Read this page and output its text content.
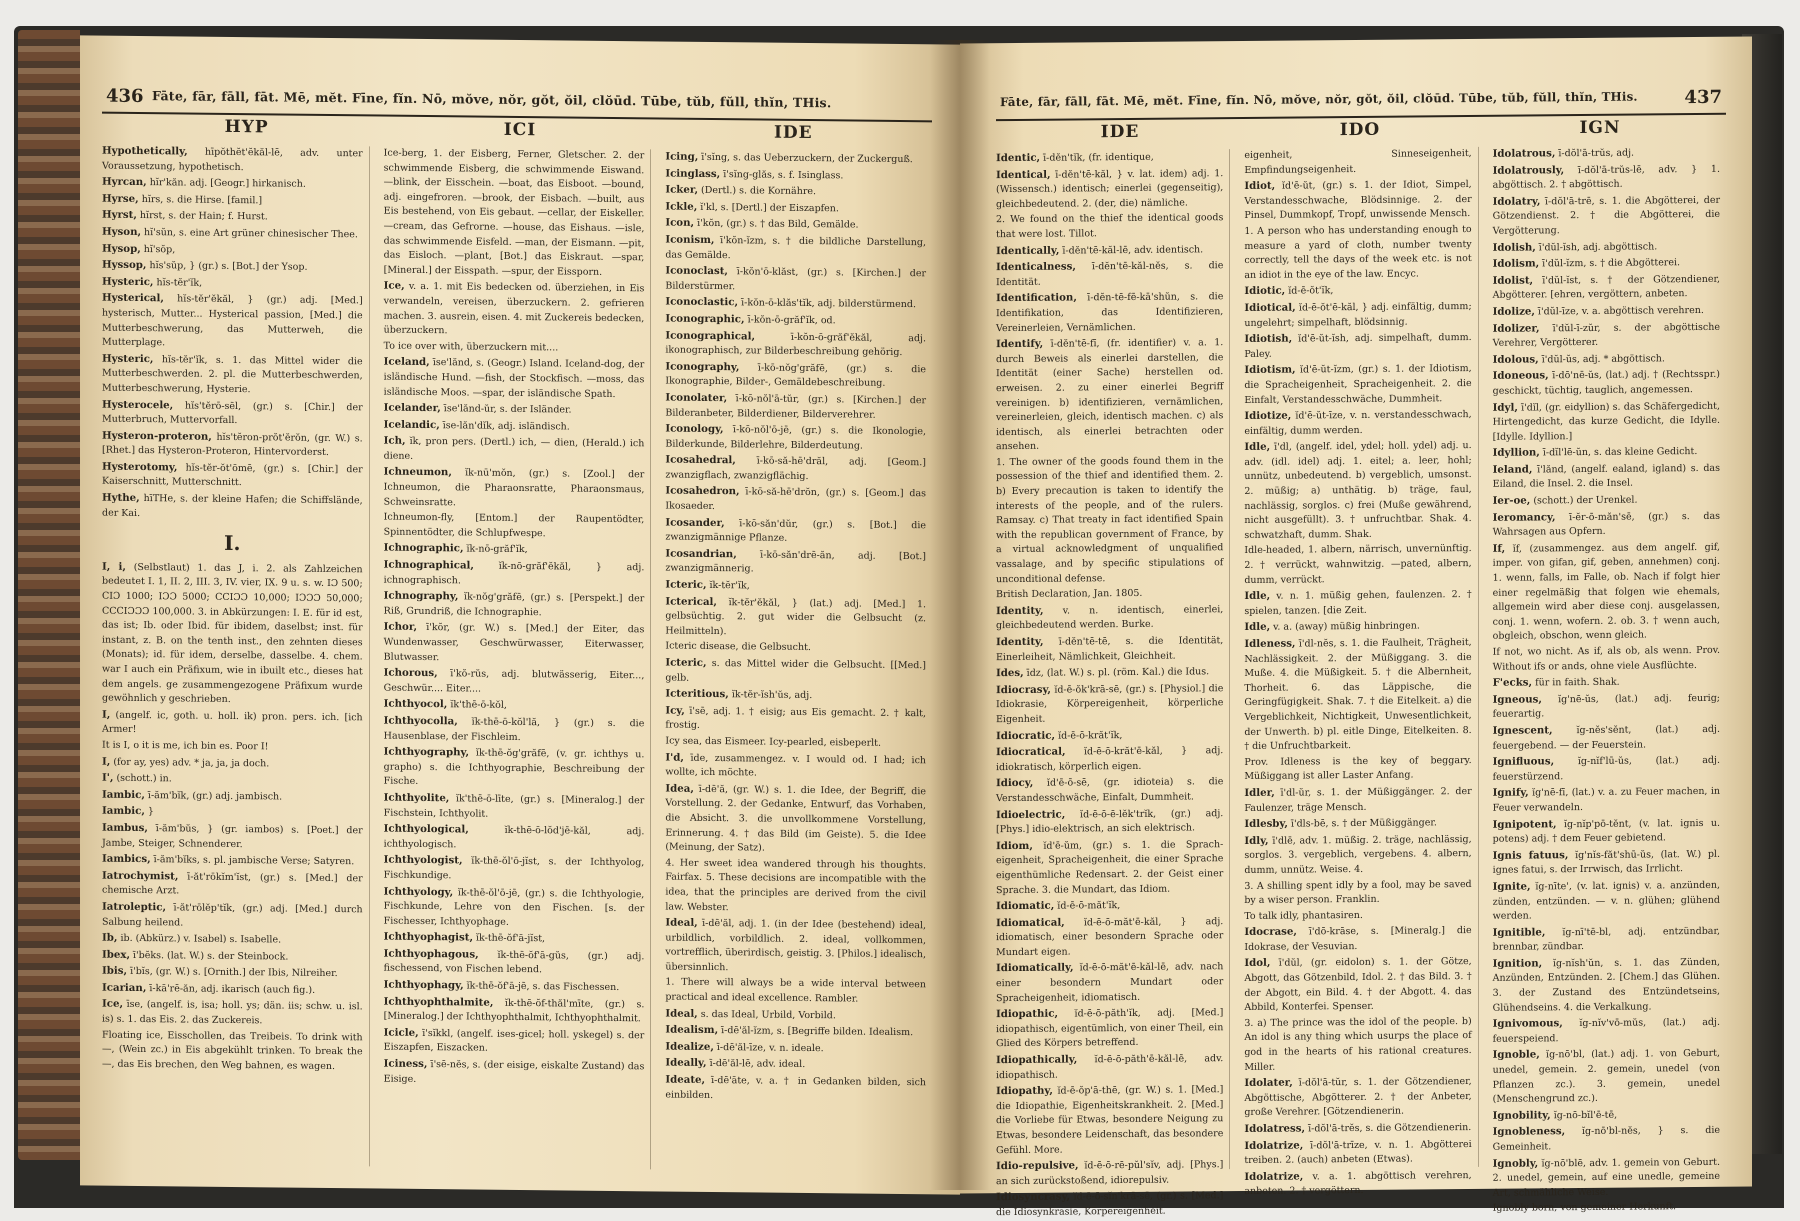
436 Fāte, fār, fāll, fāt. Mē, mĕt. Fīne, fĭn. Nō, mŏve, nŏr, gŏt, ŏil, clŏūd. Tūbe, tŭb, fŭll, thĭn, THis.
HYP	ICI	IDE

Hypothetically, hīpŏthĕt'ĕkăl-lē, adv. unter Voraussetzung, hypothetisch.

Hyrcan, hĭr'kăn. adj. [Geogr.] hirkanisch.

Hyrse, hĭrs, s. die Hirse. [famil.]

Hyrst, hĭrst, s. der Hain; f. Hurst.

Hyson, hĭ'sŭn, s. eine Art grüner chinesischer Thee.

Hysop, hĭ'sŏp,

Hyssop, hĭs'sŭp, } (gr.) s. [Bot.] der Ysop.

Hysteric, hĭs-tĕr'ĭk,

Hysterical, hĭs-tĕr'ĕkăl, } (gr.) adj. [Med.] hysterisch, Mutter... Hysterical passion, [Med.] die Mutterbeschwerung, das Mutterweh, die Mutterplage.

Hysteric, hĭs-tĕr'ĭk, s. 1. das Mittel wider die Mutterbeschwerden. 2. pl. die Mutterbeschwerden, Mutterbeschwerung, Hysterie.

Hysterocele, hĭs'tĕrō-sēl, (gr.) s. [Chir.] der Mutterbruch, Muttervorfall.

Hysteron-proteron, hĭs'tĕron-prŏt'ĕrŏn, (gr. W.) s. [Rhet.] das Hysteron-Proteron, Hintervorderst.

Hysterotomy, hĭs-tĕr-ŏt'ōmē, (gr.) s. [Chir.] der Kaiserschnitt, Mutterschnitt.

Hythe, hīTHe, s. der kleine Hafen; die Schiffslände, der Kai.

I.

I, i, (Selbstlaut) 1. das J, i. 2. als Zahlzeichen bedeutet I. 1, II. 2, III. 3, IV. vier, IX. 9 u. s. w. IƆ 500; CIƆ 1000; IƆƆ 5000; CCIƆƆ 10,000; IƆƆƆ 50,000; CCCIƆƆƆ 100,000. 3. in Abkürzungen: I. E. für id est, das ist; Ib. oder Ibid. für ibidem, daselbst; inst. für instant, z. B. on the tenth inst., den zehnten dieses (Monats); id. für idem, derselbe, dasselbe. 4. chem. war I auch ein Präfixum, wie in ibuilt etc., dieses hat dem angels. ge zusammengezogene Präfixum wurde gewöhnlich y geschrieben.

I, (angelf. ic, goth. u. holl. ik) pron. pers. ich. [ich Armer!

It is I, o it is me, ich bin es. Poor I!

I, (for ay, yes) adv. * ja, ja, ja doch.

I', (schott.) in.

Iambic, ī-ăm'bĭk, (gr.) adj. jambisch.

Iambic, }

Iambus, ī-ăm'bŭs, } (gr. iambos) s. [Poet.] der Jambe, Steiger, Schnenderer.

Iambics, ī-ăm'bĭks, s. pl. jambische Verse; Satyren.

Iatrochymist, ī-ăt'rōkĭm'ĭst, (gr.) s. [Med.] der chemische Arzt.

Iatroleptic, ī-ăt'rōlĕp'tĭk, (gr.) adj. [Med.] durch Salbung heilend.

Ib, ib. (Abkürz.) v. Isabel) s. Isabelle.

Ibex, ī'bĕks. (lat. W.) s. der Steinbock.

Ibis, ī'bĭs, (gr. W.) s. [Ornith.] der Ibis, Nilreiher.

Icarian, ī-kā'rē-ăn, adj. ikarisch (auch fig.).

Ice, īse, (angelf. is, isa; holl. ys; dän. iis; schw. u. isl. is) s. 1. das Eis. 2. das Zuckereis.

Floating ice, Eisschollen, das Treibeis. To drink with —, (Wein zc.) in Eis abgekühlt trinken. To break the —, das Eis brechen, den Weg bahnen, es wagen.

Ice-berg, 1. der Eisberg, Ferner, Gletscher. 2. der schwimmende Eisberg, die schwimmende Eiswand. —blink, der Eisschein. —boat, das Eisboot. —bound, adj. eingefroren. —brook, der Eisbach. —built, aus Eis bestehend, von Eis gebaut. —cellar, der Eiskeller. —cream, das Gefrorne. —house, das Eishaus. —isle, das schwimmende Eisfeld. —man, der Eismann. —pit, das Eisloch. —plant, [Bot.] das Eiskraut. —spar, [Mineral.] der Eisspath. —spur, der Eissporn.

Ice, v. a. 1. mit Eis bedecken od. überziehen, in Eis verwandeln, vereisen, überzuckern. 2. gefrieren machen. 3. ausrein, eisen. 4. mit Zuckereis bedecken, überzuckern.

To ice over with, überzuckern mit....

Iceland, īse'lănd, s. (Geogr.) Island. Iceland-dog, der isländische Hund. —fish, der Stockfisch. —moss, das isländische Moos. —spar, der isländische Spath.

Icelander, īse'lănd-ŭr, s. der Isländer.

Icelandic, īse-lăn'dĭk, adj. isländisch.

Ich, ĭk, pron pers. (Dertl.) ich, — dien, (Herald.) ich diene.

Ichneumon, ĭk-nū'mŏn, (gr.) s. [Zool.] der Ichneumon, die Pharaonsratte, Pharaonsmaus, Schweinsratte.

Ichneumon-fly, [Entom.] der Raupentödter, Spinnentödter, die Schlupfwespe.

Ichnographic, ĭk-nō-grăf'ĭk,

Ichnographical, ĭk-nō-grăf'ĕkăl, } adj. ichnographisch.

Ichnography, ĭk-nŏg'grăfē, (gr.) s. [Perspekt.] der Riß, Grundriß, die Ichnographie.

Ichor, ī'kŏr, (gr. W.) s. [Med.] der Eiter, das Wundenwasser, Geschwürwasser, Eiterwasser, Blutwasser.

Ichorous, ī'kŏ-rŭs, adj. blutwässerig, Eiter..., Geschwür.... Eiter....

Ichthyocol, ĭk'thē-ō-kŏl,

Ichthyocolla, ĭk-thē-ō-kŏl'lă, } (gr.) s. die Hausenblase, der Fischleim.

Ichthyography, ĭk-thē-ŏg'grăfē, (v. gr. ichthys u. grapho) s. die Ichthyographie, Beschreibung der Fische.

Ichthyolite, ĭk'thē-ō-līte, (gr.) s. [Mineralog.] der Fischstein, Ichthyolit.

Ichthyological, ĭk-thē-ō-lŏd'jē-kăl, adj. ichthyologisch.

Ichthyologist, ĭk-thē-ŏl'ō-jĭst, s. der Ichthyolog, Fischkundige.

Ichthyology, ĭk-thē-ŏl'ō-jē, (gr.) s. die Ichthyologie, Fischkunde, Lehre von den Fischen. [s. der Fischesser, Ichthyophage.

Ichthyophagist, ĭk-thē-ŏf'ā-jĭst,

Ichthyophagous, ĭk-thē-ŏf'ā-gŭs, (gr.) adj. fischessend, von Fischen lebend.

Ichthyophagy, ĭk-thē-ŏf'ā-jē, s. das Fischessen.

Ichthyophthalmite, ĭk-thē-ŏf-thăl'mīte, (gr.) s. [Mineralog.] der Ichthyophthalmit, Ichthyophthalmit.

Icicle, ī'sĭkkl, (angelf. ises-gicel; holl. yskegel) s. der Eiszapfen, Eiszacken.

Iciness, ī'sē-nĕs, s. (der eisige, eiskalte Zustand) das Eisige.

Icing, ī'sĭng, s. das Ueberzuckern, der Zuckerguß.

Icinglass, ī'sĭng-glăs, s. f. Isinglass.

Icker, (Dertl.) s. die Kornähre.

Ickle, ĭ'kl, s. [Dertl.] der Eiszapfen.

Icon, ī'kŏn, (gr.) s. † das Bild, Gemälde.

Iconism, ī'kŏn-ĭzm, s. † die bildliche Darstellung, das Gemälde.

Iconoclast, ī-kŏn'ō-klăst, (gr.) s. [Kirchen.] der Bilderstürmer.

Iconoclastic, ī-kŏn-ō-klăs'tĭk, adj. bilderstürmend.

Iconographic, ī-kŏn-ō-grăf'ĭk, od.

Iconographical, ī-kŏn-ō-grăf'ĕkăl, adj. ikonographisch, zur Bilderbeschreibung gehörig.

Iconography, ī-kō-nŏg'grăfē, (gr.) s. die Ikonographie, Bilder-, Gemäldebeschreibung.

Iconolater, ī-kō-nŏl'ā-tŭr, (gr.) s. [Kirchen.] der Bilderanbeter, Bilderdiener, Bilderverehrer.

Iconology, ī-kō-nŏl'ō-jē, (gr.) s. die Ikonologie, Bilderkunde, Bilderlehre, Bilderdeutung.

Icosahedral, ī-kō-să-hē'drăl, adj. [Geom.] zwanzigflach, zwanzigflächig.

Icosahedron, ī-kō-să-hē'drŏn, (gr.) s. [Geom.] das Ikosaeder.

Icosander, ī-kō-săn'dŭr, (gr.) s. [Bot.] die zwanzigmännige Pflanze.

Icosandrian, ī-kō-săn'drē-ăn, adj. [Bot.] zwanzigmännerig.

Icteric, ĭk-tĕr'ĭk,

Icterical, ĭk-tĕr'ĕkăl, } (lat.) adj. [Med.] 1. gelbsüchtig. 2. gut wider die Gelbsucht (z. Heilmitteln).

Icteric disease, die Gelbsucht.

Icteric, s. das Mittel wider die Gelbsucht. [[Med.] gelb.

Icteritious, ĭk-tĕr-ĭsh'ŭs, adj.

Icy, ī'sē, adj. 1. † eisig; aus Eis gemacht. 2. † kalt, frostig.

Icy sea, das Eismeer. Icy-pearled, eisbeperlt.

I'd, īde, zusammengez. v. I would od. I had; ich wollte, ich möchte.

Idea, ī-dē'ă, (gr. W.) s. 1. die Idee, der Begriff, die Vorstellung. 2. der Gedanke, Entwurf, das Vorhaben, die Absicht. 3. die unvollkommene Vorstellung, Erinnerung. 4. † das Bild (im Geiste). 5. die Idee (Meinung, der Satz).

4. Her sweet idea wandered through his thoughts. Fairfax. 5. These decisions are incompatible with the idea, that the principles are derived from the civil law. Webster.

Ideal, ī-dē'ăl, adj. 1. (in der Idee (bestehend) ideal, urbildlich, vorbildlich. 2. ideal, vollkommen, vortrefflich, überirdisch, geistig. 3. [Philos.] idealisch, übersinnlich.

1. There will always be a wide interval between practical and ideal excellence. Rambler.

Ideal, s. das Ideal, Urbild, Vorbild.

Idealism, ī-dē'ăl-ĭzm, s. [Begriffe bilden. Idealism.

Idealize, ī-dē'ăl-īze, v. n. ideale.

Ideally, ī-dē'ăl-lē, adv. ideal.

Ideate, ī-dē'āte, v. a. † in Gedanken bilden, sich einbilden.

Fāte, fār, fāll, fāt. Mē, mĕt. Fīne, fĭn. Nō, mŏve, nŏr, gŏt, ŏil, clŏūd. Tūbe, tŭb, fŭll, thĭn, THis.	437
IDE	IDO	IGN

Identic, ī-dĕn'tĭk, (fr. identique,

Identical, ī-dĕn'tē-kăl, } v. lat. idem) adj. 1. (Wissensch.) identisch; einerlei (gegenseitig), gleichbedeutend. 2. (der, die) nämliche.

2. We found on the thief the identical goods that were lost. Tillot.

Identically, ī-dĕn'tē-kăl-lē, adv. identisch.

Identicalness, ī-dĕn'tē-kăl-nĕs, s. die Identität.

Identification, ī-dĕn-tē-fē-kā'shŭn, s. die Identifikation, das Identifizieren, Vereinerleien, Vernämlichen.

Identify, ī-dĕn'tē-fī, (fr. identifier) v. a. 1. durch Beweis als einerlei darstellen, die Identität (einer Sache) herstellen od. erweisen. 2. zu einer einerlei Begriff vereinigen. b) identifizieren, vernämlichen, vereinerleien, gleich, identisch machen. c) als identisch, als einerlei betrachten oder ansehen.

1. The owner of the goods found them in the possession of the thief and identified them. 2. b) Every precaution is taken to identify the interests of the people, and of the rulers. Ramsay. c) That treaty in fact identified Spain with the republican government of France, by a virtual acknowledgment of unqualified vassalage, and by specific stipulations of unconditional defense.

British Declaration, Jan. 1805.

Identity, v. n. identisch, einerlei, gleichbedeutend werden. Burke.

Identity, ī-dĕn'tē-tē, s. die Identität, Einerleiheit, Nämlichkeit, Gleichheit.

Ides, īdz, (lat. W.) s. pl. (röm. Kal.) die Idus.

Idiocrasy, ĭd-ē-ŏk'krā-sē, (gr.) s. [Physiol.] die Idiokrasie, Körpereigenheit, körperliche Eigenheit.

Idiocratic, ĭd-ē-ō-krăt'ĭk,

Idiocratical, ĭd-ē-ō-krăt'ē-kăl, } adj. idiokratisch, körperlich eigen.

Idiocy, ĭd'ē-ō-sē, (gr. idioteia) s. die Verstandesschwäche, Einfalt, Dummheit.

Idioelectric, ĭd-ē-ō-ē-lĕk'trĭk, (gr.) adj. [Phys.] idio-elektrisch, an sich elektrisch.

Idiom, ĭd'ē-ŭm, (gr.) s. 1. die Sprach-eigenheit, Spracheigenheit, die einer Sprache eigenthümliche Redensart. 2. der Geist einer Sprache. 3. die Mundart, das Idiom.

Idiomatic, ĭd-ē-ō-măt'ĭk,

Idiomatical, ĭd-ē-ō-măt'ē-kăl, } adj. idiomatisch, einer besondern Sprache oder Mundart eigen.

Idiomatically, ĭd-ē-ō-măt'ē-kăl-lē, adv. nach einer besondern Mundart oder Spracheigenheit, idiomatisch.

Idiopathic, ĭd-ē-ō-păth'ĭk, adj. [Med.] idiopathisch, eigentümlich, von einer Theil, ein Glied des Körpers betreffend.

Idiopathically, ĭd-ē-ō-păth'ē-kăl-lē, adv. idiopathisch.

Idiopathy, ĭd-ē-ŏp'ā-thē, (gr. W.) s. 1. [Med.] die Idiopathie, Eigenheitskrankheit. 2. [Med.] die Vorliebe für Etwas, besondere Neigung zu Etwas, besondere Leidenschaft, das besondere Gefühl. More.

Idio-repulsive, ĭd-ē-ō-rē-pŭl'sĭv, adj. [Phys.] an sich zurückstoßend, idiorepulsiv.

Idiosyncrasy, ĭd-ē-ō-sĭn'krā-sē, (gr.) s. [Med.] die Idiosynkrasie, Körpereigenheit.

eigenheit, Sinneseigenheit, Empfindungseigenheit.

Idiot, ĭd'ē-ŭt, (gr.) s. 1. der Idiot, Simpel, Verstandesschwache, Blödsinnige. 2. der Pinsel, Dummkopf, Tropf, unwissende Mensch.

1. A person who has understanding enough to measure a yard of cloth, number twenty correctly, tell the days of the week etc. is not an idiot in the eye of the law. Encyc.

Idiotic, ĭd-ē-ŏt'ĭk,

Idiotical, ĭd-ē-ŏt'ē-kăl, } adj. einfältig, dumm; ungelehrt; simpelhaft, blödsinnig.

Idiotish, ĭd'ē-ŭt-ĭsh, adj. simpelhaft, dumm. Paley.

Idiotism, ĭd'ē-ŭt-ĭzm, (gr.) s. 1. der Idiotism, die Spracheigenheit, Spracheigenheit. 2. die Einfalt, Verstandesschwäche, Dummheit.

Idiotize, ĭd'ē-ŭt-īze, v. n. verstandesschwach, einfältig, dumm werden.

Idle, ī'dl, (angelf. idel, ydel; holl. ydel) adj. u. adv. (idl. idel) adj. 1. eitel; a. leer, hohl; unnütz, unbedeutend. b) vergeblich, umsonst. 2. müßig; a) unthätig. b) träge, faul, nachlässig, sorglos. c) frei (Muße gewährend, nicht ausgefüllt). 3. † unfruchtbar. Shak. 4. schwatzhaft, dumm. Shak.

Idle-headed, 1. albern, närrisch, unvernünftig. 2. † verrückt, wahnwitzig. —pated, albern, dumm, verrückt.

Idle, v. n. 1. müßig gehen, faulenzen. 2. † spielen, tanzen. [die Zeit.

Idle, v. a. (away) müßig hinbringen.

Idleness, ī'dl-nĕs, s. 1. die Faulheit, Trägheit, Nachlässigkeit. 2. der Müßiggang. 3. die Muße. 4. die Müßigkeit. 5. † die Albernheit, Thorheit. 6. das Läppische, die Geringfügigkeit. Shak. 7. † die Eitelkeit. a) die Vergeblichkeit, Nichtigkeit, Unwesentlichkeit, der Unwerth. b) pl. eitle Dinge, Eitelkeiten. 8. † die Unfruchtbarkeit.

Prov. Idleness is the key of beggary. Müßiggang ist aller Laster Anfang.

Idler, ī'dl-ŭr, s. 1. der Müßiggänger. 2. der Faulenzer, träge Mensch.

Idlesby, ī'dls-bē, s. † der Müßiggänger.

Idly, ī'dlē, adv. 1. müßig. 2. träge, nachlässig, sorglos. 3. vergeblich, vergebens. 4. albern, dumm, unnütz. Weise. 4.

3. A shilling spent idly by a fool, may be saved by a wiser person. Franklin.

To talk idly, phantasiren.

Idocrase, ī'dō-krāse, s. [Mineralg.] die Idokrase, der Vesuvian.

Idol, ī'dŭl, (gr. eidolon) s. 1. der Götze, Abgott, das Götzenbild, Idol. 2. † das Bild. 3. † der Abgott, ein Bild. 4. † der Abgott. 4. das Abbild, Konterfei. Spenser.

3. a) The prince was the idol of the people. b) An idol is any thing which usurps the place of god in the hearts of his rational creatures. Miller.

Idolater, ī-dŏl'ā-tŭr, s. 1. der Götzendiener, Abgöttische, Abgötterer. 2. † der Anbeter, große Verehrer. [Götzendienerin.

Idolatress, ī-dŏl'ā-trĕs, s. die Götzendienerin.

Idolatrize, ī-dŏl'ā-trīze, v. n. 1. Abgötterei treiben. 2. (auch) anbeten (Etwas).

Idolatrize, v. a. 1. abgöttisch verehren, anbeten. 2. † vergöttern.

Idolatrous, ī-dŏl'ā-trŭs, adj.

Idolatrously, ī-dŏl'ā-trŭs-lē, adv. } 1. abgöttisch. 2. † abgöttisch.

Idolatry, ī-dŏl'ā-trē, s. 1. die Abgötterei, der Götzendienst. 2. † die Abgötterei, die Vergötterung.

Idolish, ī'dŭl-ĭsh, adj. abgöttisch.

Idolism, ī'dŭl-ĭzm, s. † die Abgötterei.

Idolist, ī'dŭl-ĭst, s. † der Götzendiener, Abgötterer. [ehren, vergöttern, anbeten.

Idolize, ī'dŭl-īze, v. a. abgöttisch verehren.

Idolizer, ī'dŭl-ī-zŭr, s. der abgöttische Verehrer, Vergötterer.

Idolous, ī'dŭl-ŭs, adj. * abgöttisch.

Idoneous, ī-dō'nē-ŭs, (lat.) adj. † (Rechtsspr.) geschickt, tüchtig, tauglich, angemessen.

Idyl, ī'dĭl, (gr. eidyllion) s. das Schäfergedicht, Hirtengedicht, das kurze Gedicht, die Idylle. [Idylle. Idyllion.]

Idyllion, ī-dĭl'lē-ŭn, s. das kleine Gedicht.

Ieland, ī'lănd, (angelf. ealand, igland) s. das Eiland, die Insel. 2. die Insel.

Ier-oe, (schott.) der Urenkel.

Ieromancy, ī-ĕr-ō-măn'sē, (gr.) s. das Wahrsagen aus Opfern.

If, ĭf, (zusammengez. aus dem angelf. gif, imper. von gifan, gif, geben, annehmen) conj. 1. wenn, falls, im Falle, ob. Nach if folgt hier einer regelmäßig that folgen wie ehemals, allgemein wird aber diese conj. ausgelassen, conj. 1. wenn, wofern. 2. ob. 3. † wenn auch, obgleich, obschon, wenn gleich.

If not, wo nicht. As if, als ob, als wenn. Prov. Without ifs or ands, ohne viele Ausflüchte.

F'ecks, für in faith. Shak.

Igneous, ĭg'nē-ŭs, (lat.) adj. feurig; feuerartig.

Ignescent, ĭg-nĕs'sĕnt, (lat.) adj. feuergebend. — der Feuerstein.

Ignifluous, ĭg-nĭf'lū-ŭs, (lat.) adj. feuerstürzend.

Ignify, ĭg'nē-fī, (lat.) v. a. zu Feuer machen, in Feuer verwandeln.

Ignipotent, ĭg-nĭp'pō-tĕnt, (v. lat. ignis u. potens) adj. † dem Feuer gebietend.

Ignis fatuus, ĭg'nĭs-făt'shū-ŭs, (lat. W.) pl. ignes fatui, s. der Irrwisch, das Irrlicht.

Ignite, ĭg-nīte', (v. lat. ignis) v. a. anzünden, zünden, entzünden. — v. n. glühen; glühend werden.

Ignitible, ĭg-nī'tē-bl, adj. entzündbar, brennbar, zündbar.

Ignition, ĭg-nĭsh'ŭn, s. 1. das Zünden, Anzünden, Entzünden. 2. [Chem.] das Glühen. 3. der Zustand des Entzündetseins, Glühendseins. 4. die Verkalkung.

Ignivomous, ĭg-nĭv'vō-mŭs, (lat.) adj. feuerspeiend.

Ignoble, ĭg-nō'bl, (lat.) adj. 1. von Geburt, unedel, gemein. 2. gemein, unedel (von Pflanzen zc.). 3. gemein, unedel (Menschengrund zc.).

Ignobility, ĭg-nō-bĭl'ē-tē,

Ignobleness, ĭg-nō'bl-nĕs, } s. die Gemeinheit.

Ignobly, ĭg-nō'blē, adv. 1. gemein von Geburt. 2. unedel, gemein, auf eine unedle, gemeine Art, schmähliche Weise.

Ignobly born, von gemeiner Herkunft.
